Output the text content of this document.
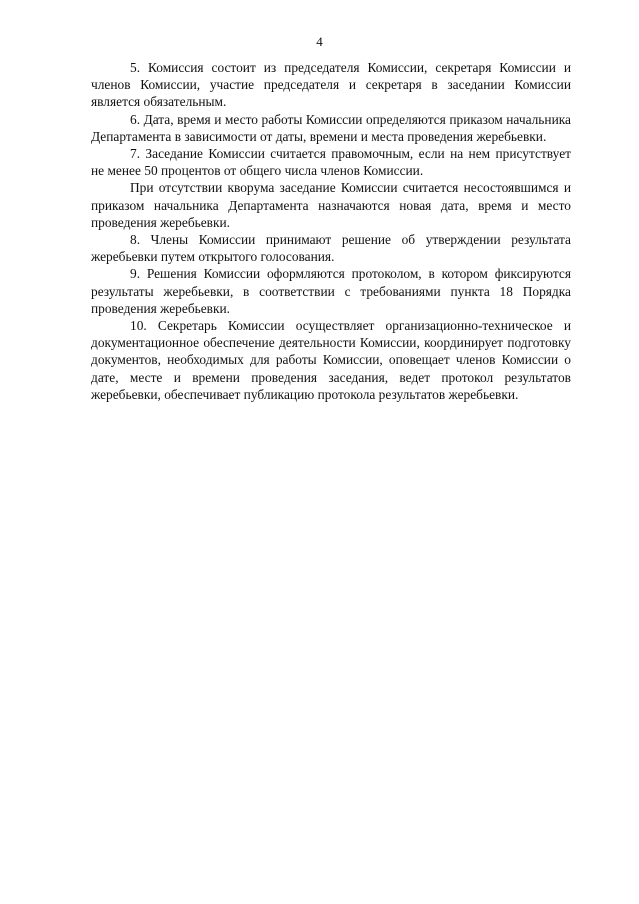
4

5. Комиссия состоит из председателя Комиссии, секретаря Комиссии и членов Комиссии, участие председателя и секретаря в заседании Комиссии является обязательным.

6. Дата, время и место работы Комиссии определяются приказом начальника Департамента в зависимости от даты, времени и места проведения жеребьевки.

7. Заседание Комиссии считается правомочным, если на нем присутствует не менее 50 процентов от общего числа членов Комиссии.

При отсутствии кворума заседание Комиссии считается несостоявшимся и приказом начальника Департамента назначаются новая дата, время и место проведения жеребьевки.

8. Члены Комиссии принимают решение об утверждении результата жеребьевки путем открытого голосования.

9. Решения Комиссии оформляются протоколом, в котором фиксируются результаты жеребьевки, в соответствии с требованиями пункта 18 Порядка проведения жеребьевки.

10. Секретарь Комиссии осуществляет организационно-техническое и документационное обеспечение деятельности Комиссии, координирует подготовку документов, необходимых для работы Комиссии, оповещает членов Комиссии о дате, месте и времени проведения заседания, ведет протокол результатов жеребьевки, обеспечивает публикацию протокола результатов жеребьевки.
